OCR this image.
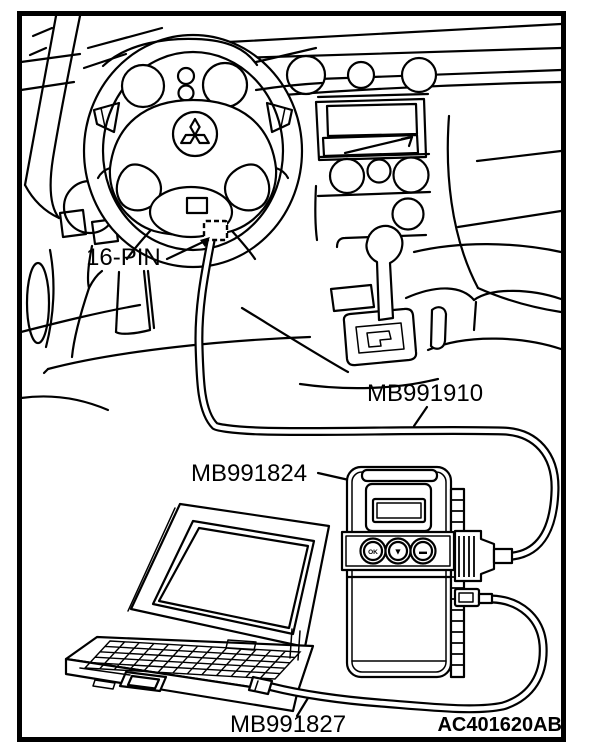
OK ▼ ▬
16-PIN
MB991910
MB991824
MB991827	AC401620AB
